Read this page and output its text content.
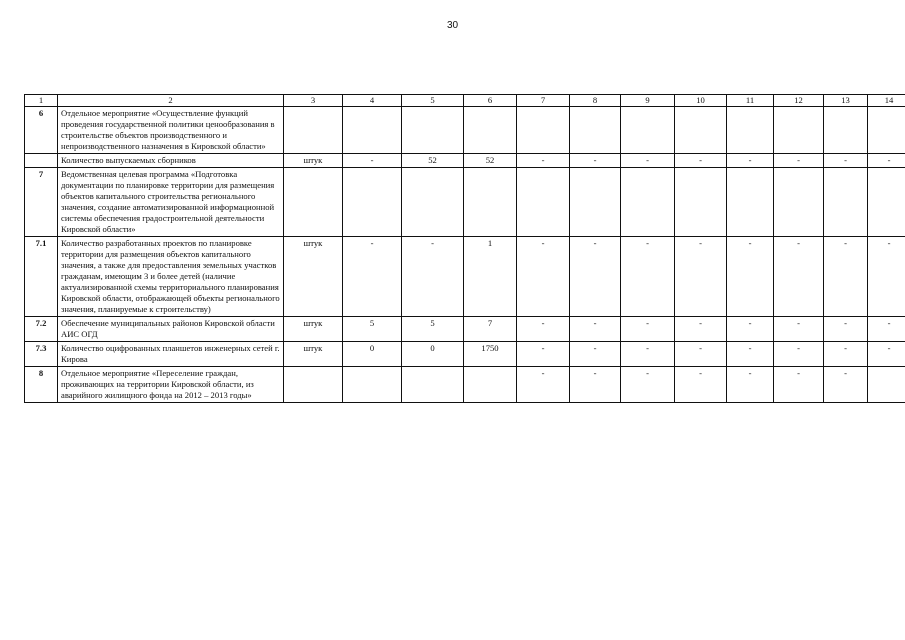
30
1	2	3	4	5	6	7	8	9	10	11	12	13	14
6	Отдельное мероприятие «Осуществление функций проведения государственной политики ценообразования в строительстве объектов производственного и непроизводственного назначения в Кировской области»												
	Количество выпускаемых сборников	штук	-	52	52	-	-	-	-	-	-	-	-
7	Ведомственная целевая программа «Подготовка документации по планировке территории для размещения объектов капитального строительства регионального значения, создание автоматизированной информационной системы обеспечения градостроительной деятельности Кировской области»												
7.1	Количество разработанных проектов по планировке территории для размещения объектов капитального значения, а также для предоставления земельных участков гражданам, имеющим 3 и более детей (наличие актуализированной схемы территориального планирования Кировской области, отображающей объекты регионального значения, планируемые к строительству)	штук	-	-	1	-	-	-	-	-	-	-	-
7.2	Обеспечение муниципальных районов Кировской области АИС ОГД	штук	5	5	7	-	-	-	-	-	-	-	-
7.3	Количество оцифрованных планшетов инженерных сетей г. Кирова	штук	0	0	1750	-	-	-	-	-	-	-	-
8	Отдельное мероприятие «Переселение граждан, проживающих на территории Кировской области, из аварийного жилищного фонда на 2012 – 2013 годы»					-	-	-	-	-	-	-	
